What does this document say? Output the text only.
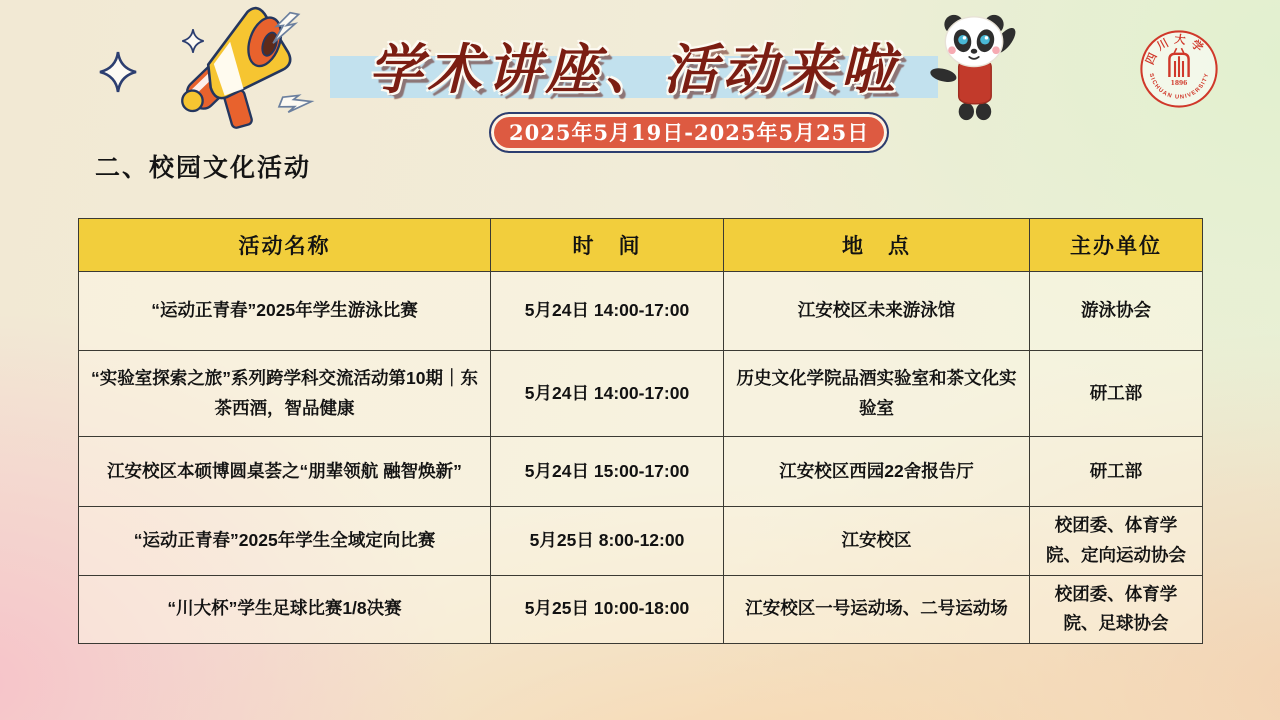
学术讲座、活动来啦
2025年5月19日-2025年5月25日
四川大学
SICHUAN UNIVERSITY
1896
二、校园文化活动
活动名称	时　间	地　点	主办单位
“运动正青春”2025年学生游泳比赛	5月24日 14:00-17:00	江安校区未来游泳馆	游泳协会
“实验室探索之旅”系列跨学科交流活动第10期｜东茶西酒，智品健康	5月24日 14:00-17:00	历史文化学院品酒实验室和茶文化实验室	研工部
江安校区本硕博圆桌荟之“朋辈领航 融智焕新”	5月24日 15:00-17:00	江安校区西园22舍报告厅	研工部
“运动正青春”2025年学生全域定向比赛	5月25日 8:00-12:00	江安校区	校团委、体育学院、定向运动协会
“川大杯”学生足球比赛1/8决赛	5月25日 10:00-18:00	江安校区一号运动场、二号运动场	校团委、体育学院、足球协会
